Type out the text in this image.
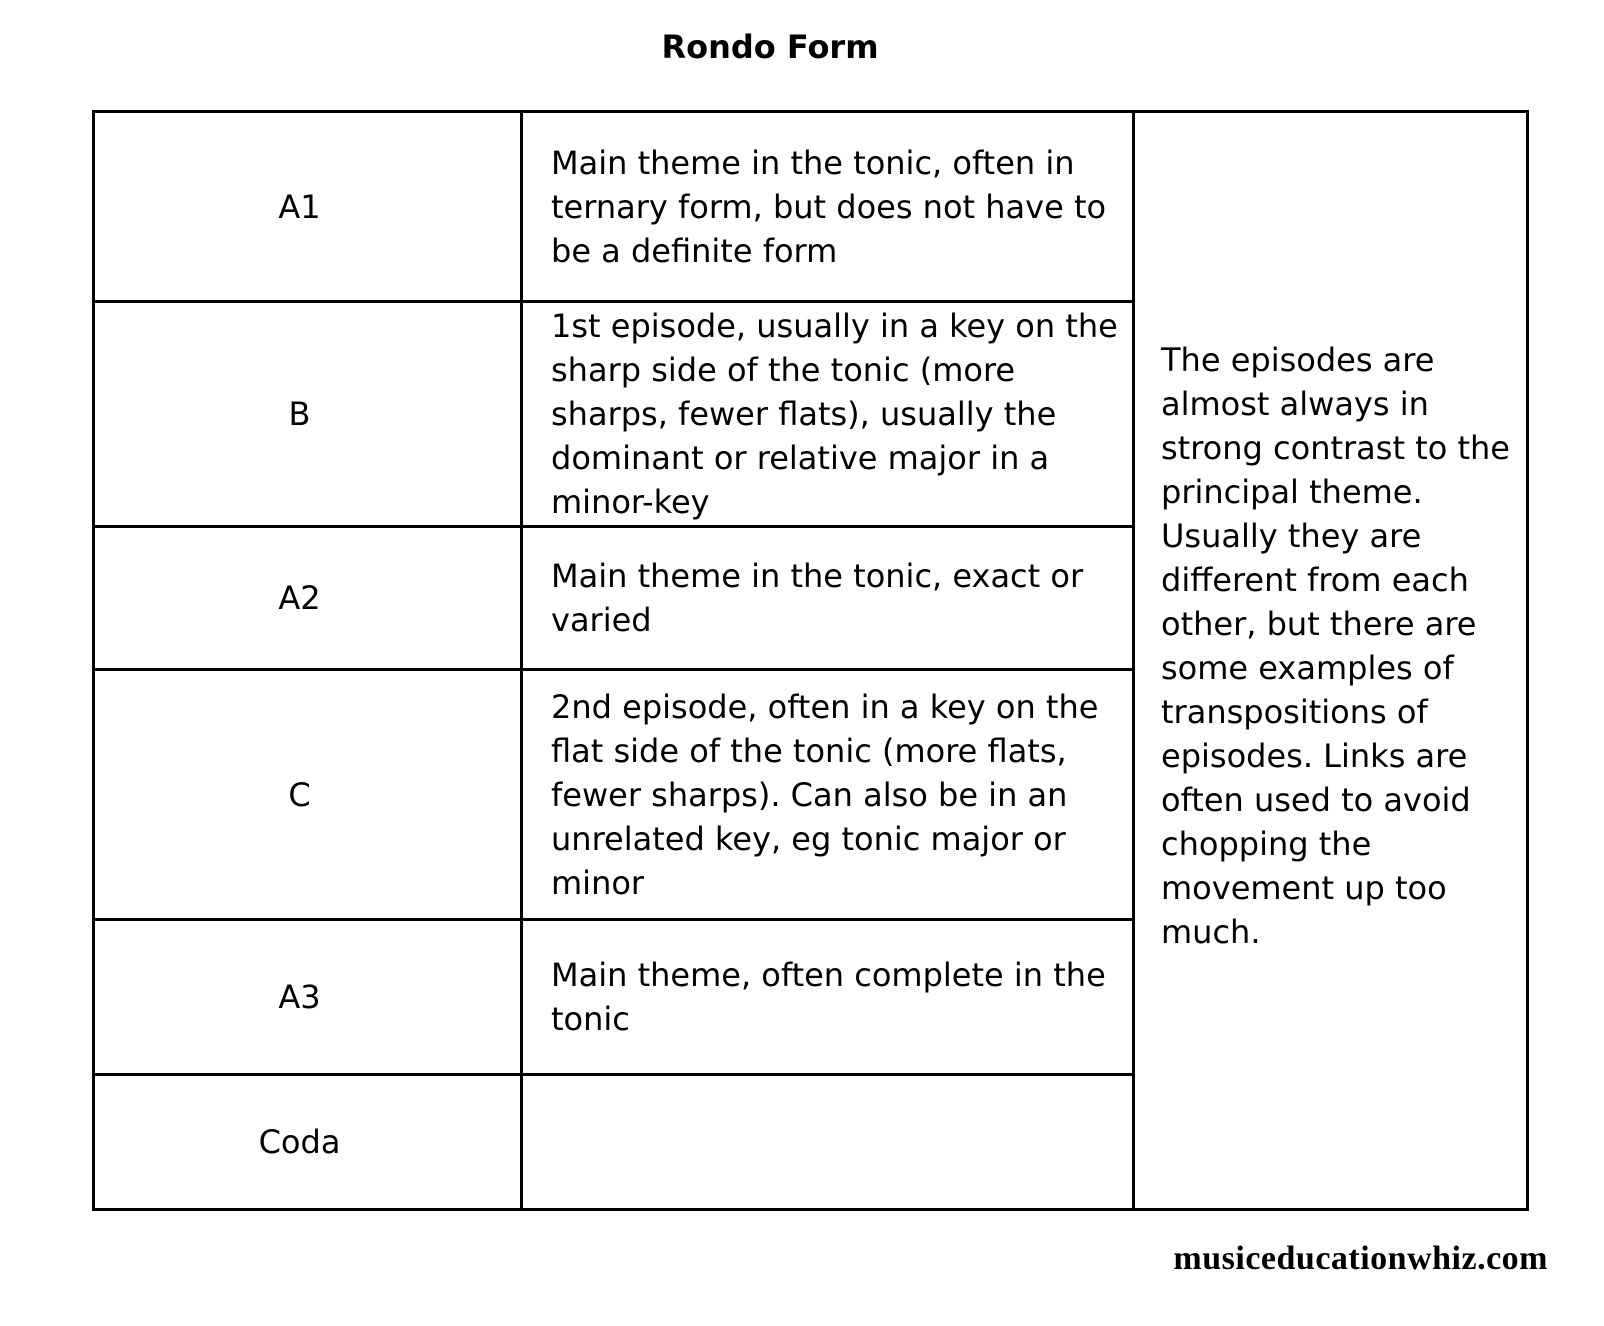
Rondo Form
A1	Main theme in the tonic, often in ternary form, but does not have to be a definite form	The episodes are almost always in strong contrast to the principal theme. Usually they are different from each other, but there are some examples of transpositions of episodes. Links are often used to avoid chopping the movement up too much.

B	1st episode, usually in a key on the sharp side of the tonic (more sharps, fewer flats), usually the dominant or relative major in a minor-key	

A2	Main theme in the tonic, exact or varied	

C	2nd episode, often in a key on the flat side of the tonic (more flats, fewer sharps). Can also be in an unrelated key, eg tonic major or minor	

A3	Main theme, often complete in the tonic	

Coda		
musiceducationwhiz.com
